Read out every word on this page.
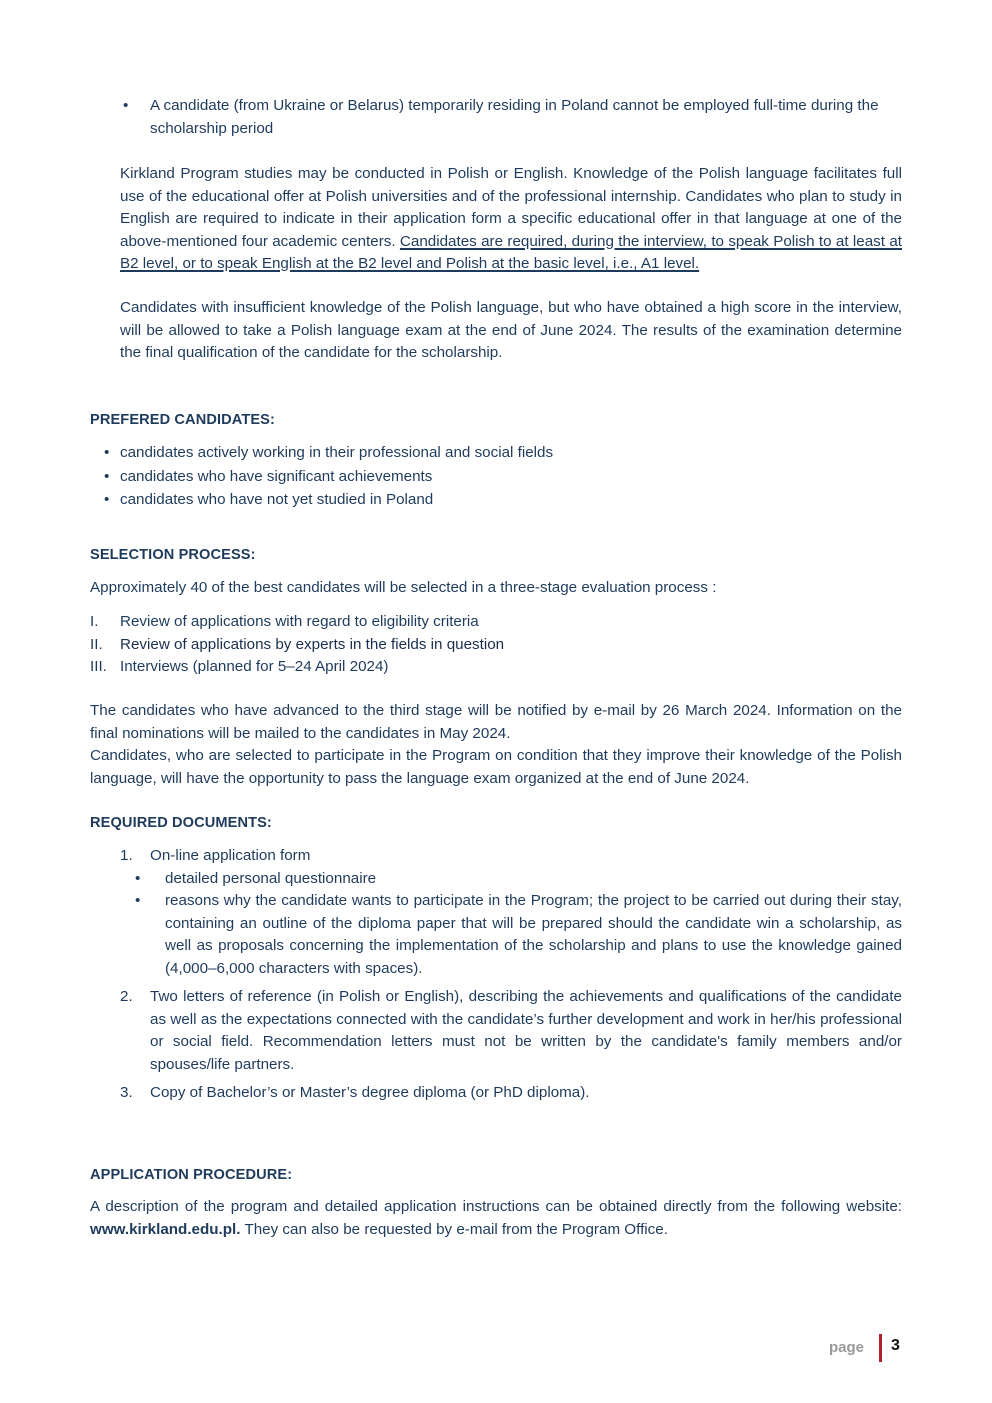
• A candidate (from Ukraine or Belarus) temporarily residing in Poland cannot be employed full-time during the scholarship period
Kirkland Program studies may be conducted in Polish or English. Knowledge of the Polish language facilitates full use of the educational offer at Polish universities and of the professional internship. Candidates who plan to study in English are required to indicate in their application form a specific educational offer in that language at one of the above-mentioned four academic centers. Candidates are required, during the interview, to speak Polish to at least at B2 level, or to speak English at the B2 level and Polish at the basic level, i.e., A1 level.
Candidates with insufficient knowledge of the Polish language, but who have obtained a high score in the interview, will be allowed to take a Polish language exam at the end of June 2024. The results of the examination determine the final qualification of the candidate for the scholarship.
PREFERED CANDIDATES:
• candidates actively working in their professional and social fields
• candidates who have significant achievements
• candidates who have not yet studied in Poland
SELECTION PROCESS:
Approximately 40 of the best candidates will be selected in a three-stage evaluation process :
I.	Review of applications with regard to eligibility criteria
II.	Review of applications by experts in the fields in question
III. Interviews (planned for 5–24 April 2024)
The candidates who have advanced to the third stage will be notified by e-mail by 26 March 2024. Information on the final nominations will be mailed to the candidates in May 2024.
Candidates, who are selected to participate in the Program on condition that they improve their knowledge of the Polish language, will have the opportunity to pass the language exam organized at the end of June 2024.
REQUIRED DOCUMENTS:
1.	On-line application form
• detailed personal questionnaire
• reasons why the candidate wants to participate in the Program; the project to be carried out during their stay, containing an outline of the diploma paper that will be prepared should the candidate win a scholarship, as well as proposals concerning the implementation of the scholarship and plans to use the knowledge gained (4,000–6,000 characters with spaces).
2.	Two letters of reference (in Polish or English), describing the achievements and qualifications of the candidate as well as the expectations connected with the candidate’s further development and work in her/his professional or social field. Recommendation letters must not be written by the candidate's family members and/or spouses/life partners.
3.	Copy of Bachelor’s or Master’s degree diploma (or PhD diploma).
APPLICATION PROCEDURE:
A description of the program and detailed application instructions can be obtained directly from the following website: www.kirkland.edu.pl. They can also be requested by e-mail from the Program Office.
page 3
